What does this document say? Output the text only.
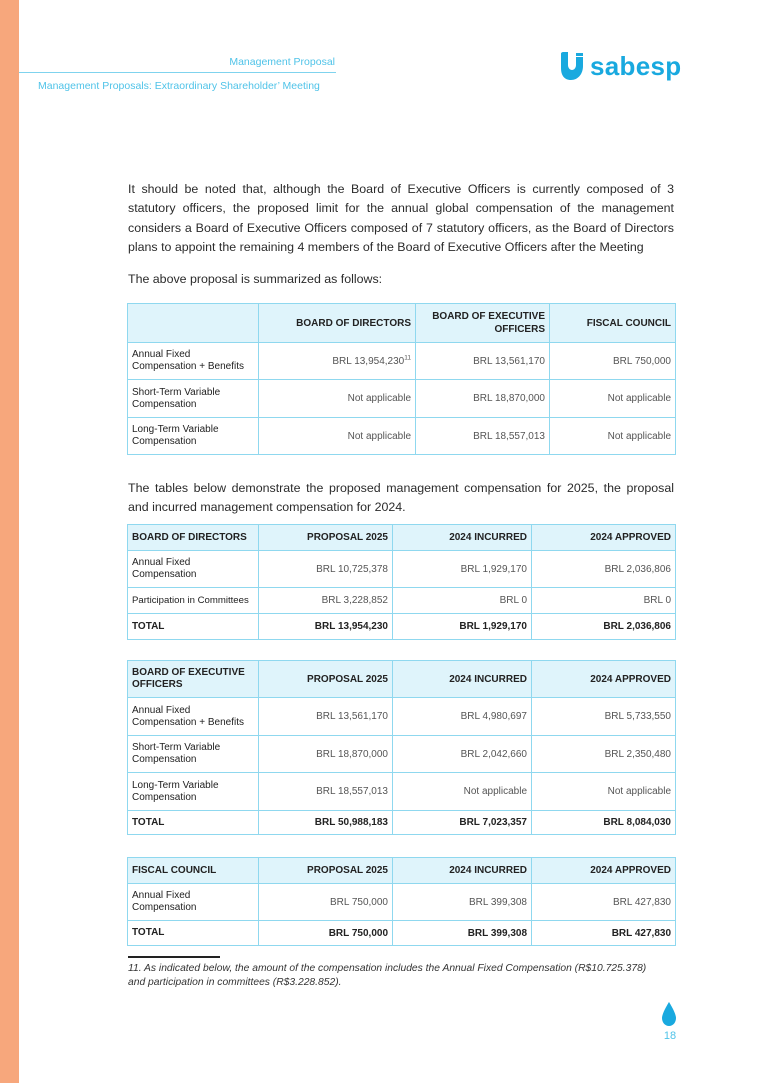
Management Proposal
Management Proposals: Extraordinary Shareholder’ Meeting
sabesp

It should be noted that, although the Board of Executive Officers is currently composed of 3 statutory officers, the proposed limit for the annual global compensation of the management considers a Board of Executive Officers composed of 7 statutory officers, as the Board of Directors plans to appoint the remaining 4 members of the Board of Executive Officers after the Meeting

The above proposal is summarized as follows:

	BOARD OF DIRECTORS	BOARD OF EXECUTIVE OFFICERS	FISCAL COUNCIL
Annual Fixed Compensation + Benefits	BRL 13,954,230$^{11}$	BRL 13,561,170	BRL 750,000
Short-Term Variable Compensation	Not applicable	BRL 18,870,000	Not applicable
Long-Term Variable Compensation	Not applicable	BRL 18,557,013	Not applicable

The tables below demonstrate the proposed management compensation for 2025, the proposal and incurred management compensation for 2024.

BOARD OF DIRECTORS	PROPOSAL 2025	2024 INCURRED	2024 APPROVED
Annual Fixed Compensation	BRL 10,725,378	BRL 1,929,170	BRL 2,036,806
Participation in Committees	BRL 3,228,852	BRL 0	BRL 0
TOTAL	BRL 13,954,230	BRL 1,929,170	BRL 2,036,806
BOARD OF EXECUTIVE OFFICERS	PROPOSAL 2025	2024 INCURRED	2024 APPROVED
Annual Fixed Compensation + Benefits	BRL 13,561,170	BRL 4,980,697	BRL 5,733,550
Short-Term Variable Compensation	BRL 18,870,000	BRL 2,042,660	BRL 2,350,480
Long-Term Variable Compensation	BRL 18,557,013	Not applicable	Not applicable
TOTAL	BRL 50,988,183	BRL 7,023,357	BRL 8,084,030
FISCAL COUNCIL	PROPOSAL 2025	2024 INCURRED	2024 APPROVED
Annual Fixed Compensation	BRL 750,000	BRL 399,308	BRL 427,830
TOTAL	BRL 750,000	BRL 399,308	BRL 427,830

11. As indicated below, the amount of the compensation includes the Annual Fixed Compensation (R$10.725.378) and participation in committees (R$3.228.852).

18
